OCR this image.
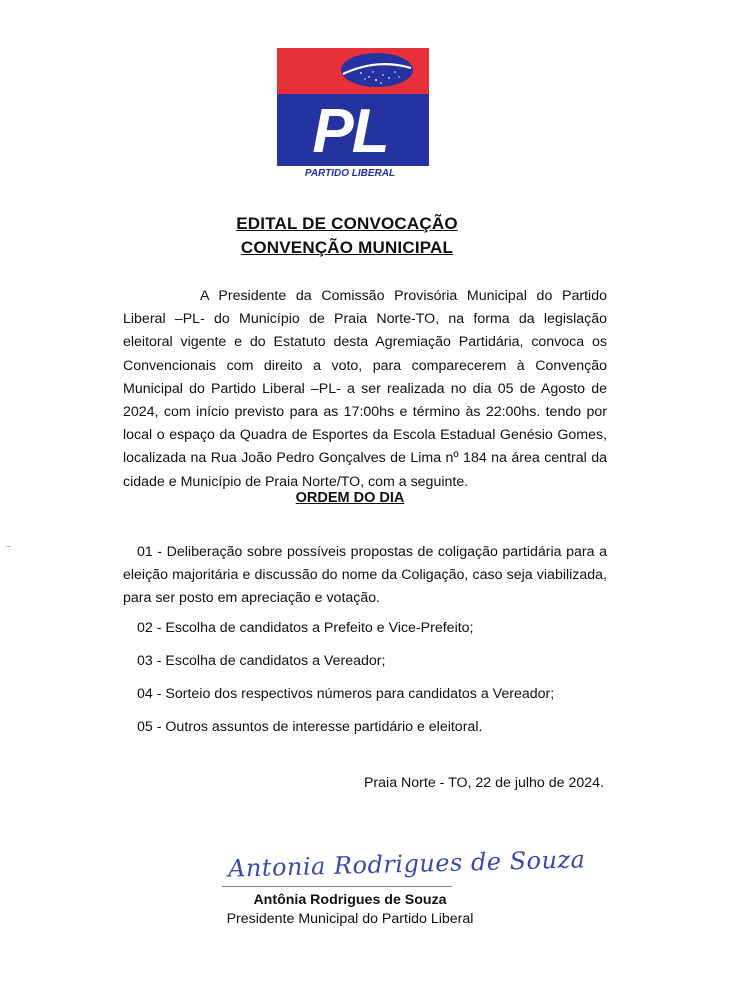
PL
PARTIDO LIBERAL
EDITAL DE CONVOCAÇÃO
CONVENÇÃO MUNICIPAL

A Presidente da Comissão Provisória Municipal do Partido Liberal –PL- do Município de Praia Norte-TO, na forma da legislação eleitoral vigente e do Estatuto desta Agremiação Partidária, convoca os Convencionais com direito a voto, para comparecerem à Convenção Municipal do Partido Liberal –PL- a ser realizada no dia 05 de Agosto de 2024, com início previsto para as 17:00hs e término às 22:00hs. tendo por local o espaço da Quadra de Esportes da Escola Estadual Genésio Gomes, localizada na Rua João Pedro Gonçalves de Lima nº 184 na área central da cidade e Município de Praia Norte/TO, com a seguinte.

ORDEM DO DIA

01 - Deliberação sobre possíveis propostas de coligação partidária para a eleição majoritária e discussão do nome da Coligação, caso seja viabilizada, para ser posto em apreciação e votação.

02 - Escolha de candidatos a Prefeito e Vice-Prefeito;
03 - Escolha de candidatos a Vereador;
04 - Sorteio dos respectivos números para candidatos a Vereador;
05 - Outros assuntos de interesse partidário e eleitoral.
Praia Norte - TO, 22 de julho de 2024.
Antonia Rodrigues de Souza
Antônia Rodrigues de Souza
Presidente Municipal do Partido Liberal
